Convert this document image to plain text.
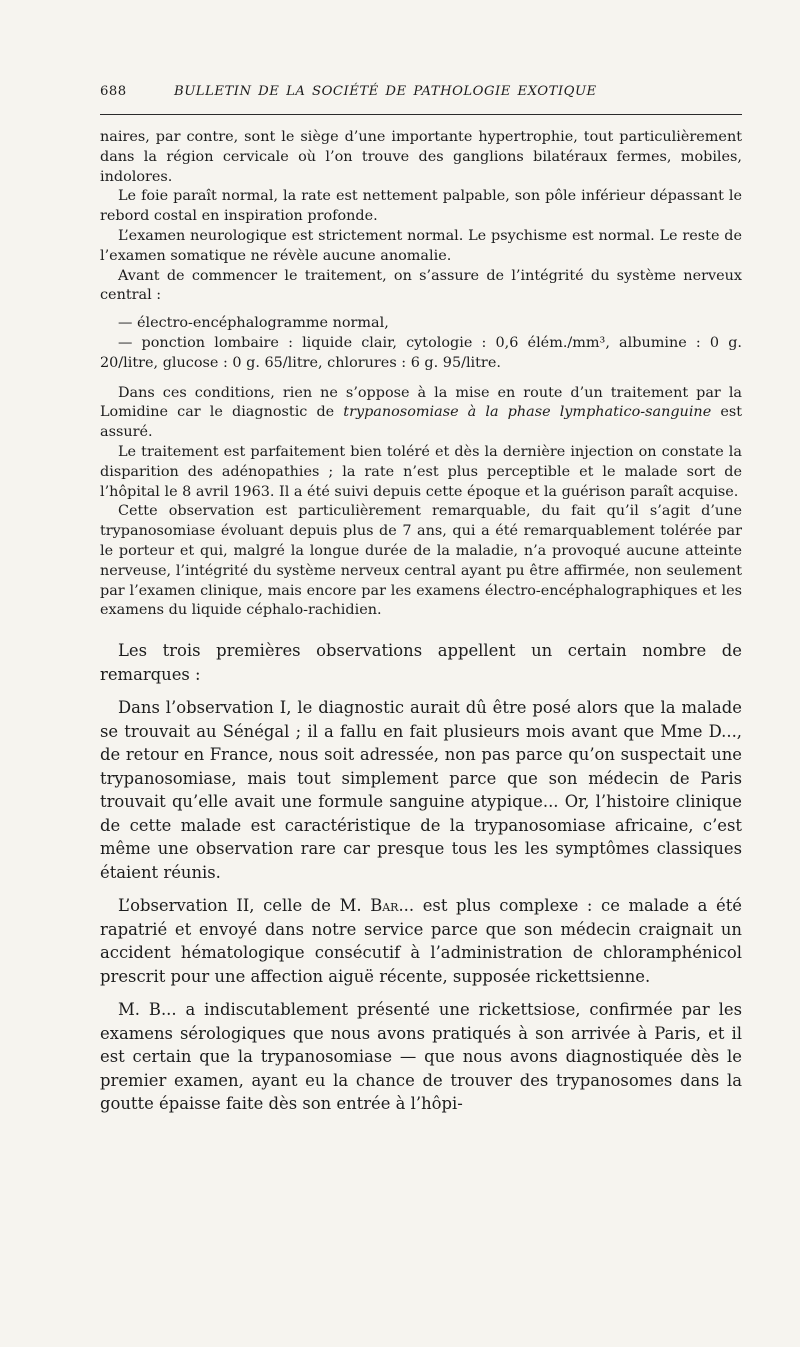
688	BULLETIN DE LA SOCIÉTÉ DE PATHOLOGIE EXOTIQUE

naires, par contre, sont le siège d’une importante hypertrophie, tout particulièrement dans la région cervicale où l’on trouve des ganglions bilatéraux fermes, mobiles, indolores.

Le foie paraît normal, la rate est nettement palpable, son pôle inférieur dépassant le rebord costal en inspiration profonde.

L’examen neurologique est strictement normal. Le psychisme est normal. Le reste de l’examen somatique ne révèle aucune anomalie.

Avant de commencer le traitement, on s’assure de l’intégrité du système nerveux central :

— électro-encéphalogramme normal,
— ponction lombaire : liquide clair, cytologie : 0,6 élém./mm³, albumine : 0 g. 20/litre, glucose : 0 g. 65/litre, chlorures : 6 g. 95/litre.

Dans ces conditions, rien ne s’oppose à la mise en route d’un traitement par la Lomidine car le diagnostic de trypanosomiase à la phase lymphatico-sanguine est assuré.

Le traitement est parfaitement bien toléré et dès la dernière injection on constate la disparition des adénopathies ; la rate n’est plus perceptible et le malade sort de l’hôpital le 8 avril 1963. Il a été suivi depuis cette époque et la guérison paraît acquise.

Cette observation est particulièrement remarquable, du fait qu’il s’agit d’une trypanosomiase évoluant depuis plus de 7 ans, qui a été remarquablement tolérée par le porteur et qui, malgré la longue durée de la maladie, n’a provoqué aucune atteinte nerveuse, l’intégrité du système nerveux central ayant pu être affirmée, non seulement par l’examen clinique, mais encore par les examens électro-encéphalographiques et les examens du liquide céphalo-rachidien.

Les trois premières observations appellent un certain nombre de remarques :

Dans l’observation I, le diagnostic aurait dû être posé alors que la malade se trouvait au Sénégal ; il a fallu en fait plusieurs mois avant que Mme D..., de retour en France, nous soit adressée, non pas parce qu’on suspectait une trypanosomiase, mais tout simplement parce que son médecin de Paris trouvait qu’elle avait une formule sanguine atypique... Or, l’histoire clinique de cette malade est caractéristique de la trypanosomiase africaine, c’est même une observation rare car presque tous les les symptômes classiques étaient réunis.

L’observation II, celle de M. Bar... est plus complexe : ce malade a été rapatrié et envoyé dans notre service parce que son médecin craignait un accident hématologique consécutif à l’administration de chloramphénicol prescrit pour une affection aiguë récente, supposée rickettsienne.

M. B... a indiscutablement présenté une rickettsiose, confirmée par les examens sérologiques que nous avons pratiqués à son arrivée à Paris, et il est certain que la trypanosomiase — que nous avons diagnostiquée dès le premier examen, ayant eu la chance de trouver des trypanosomes dans la goutte épaisse faite dès son entrée à l’hôpi-
